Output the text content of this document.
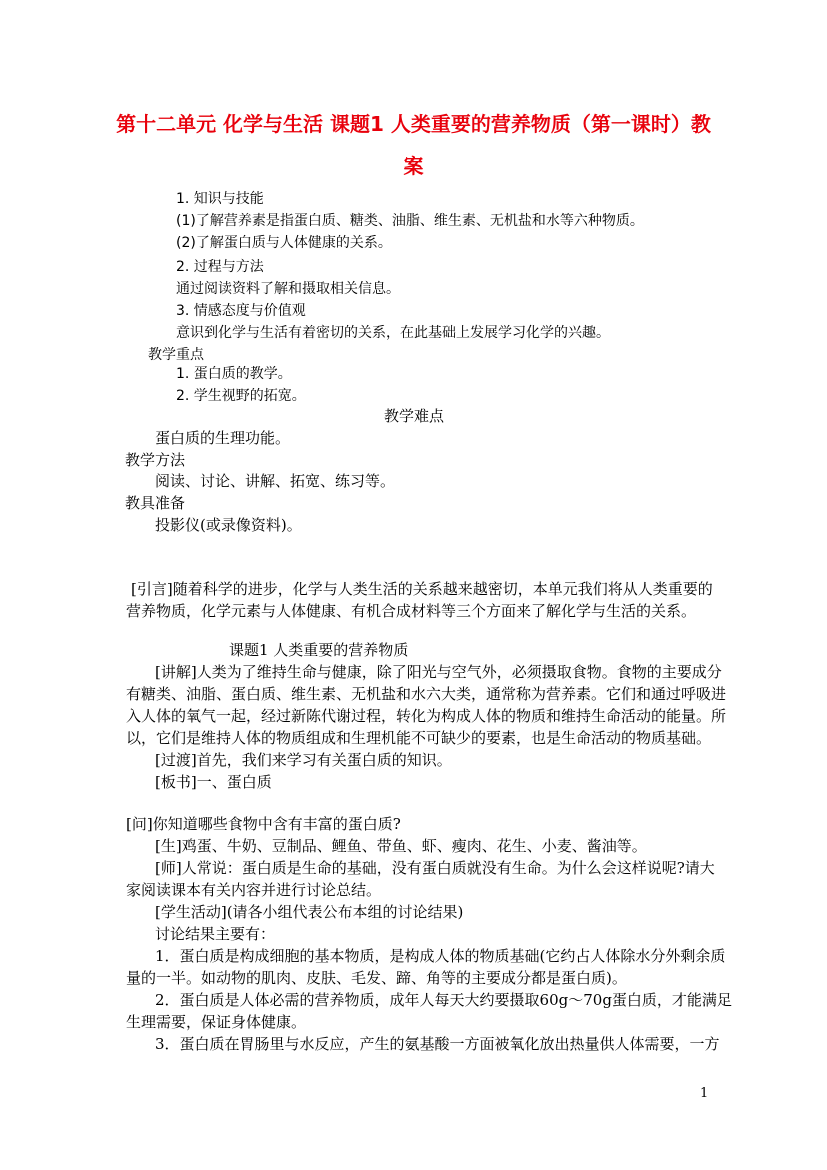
第十二单元 化学与生活 课题1 人类重要的营养物质（第一课时）教
案
1. 知识与技能
(1)了解营养素是指蛋白质、糖类、油脂、维生素、无机盐和水等六种物质。
(2)了解蛋白质与人体健康的关系。
2. 过程与方法
通过阅读资料了解和摄取相关信息。
3. 情感态度与价值观
意识到化学与生活有着密切的关系，在此基础上发展学习化学的兴趣。
教学重点
1. 蛋白质的教学。
2. 学生视野的拓宽。
教学难点
蛋白质的生理功能。
教学方法
阅读、讨论、讲解、拓宽、练习等。
教具准备
投影仪(或录像资料)。
[引言]随着科学的进步，化学与人类生活的关系越来越密切，本单元我们将从人类重要的
营养物质，化学元素与人体健康、有机合成材料等三个方面来了解化学与生活的关系。
课题1 人类重要的营养物质
[讲解]人类为了维持生命与健康，除了阳光与空气外，必须摄取食物。食物的主要成分
有糖类、油脂、蛋白质、维生素、无机盐和水六大类，通常称为营养素。它们和通过呼吸进
入人体的氧气一起，经过新陈代谢过程，转化为构成人体的物质和维持生命活动的能量。所
以，它们是维持人体的物质组成和生理机能不可缺少的要素，也是生命活动的物质基础。
[过渡]首先，我们来学习有关蛋白质的知识。
[板书]一、蛋白质
[问]你知道哪些食物中含有丰富的蛋白质?
[生]鸡蛋、牛奶、豆制品、鲤鱼、带鱼、虾、瘦肉、花生、小麦、酱油等。
[师]人常说：蛋白质是生命的基础，没有蛋白质就没有生命。为什么会这样说呢?请大
家阅读课本有关内容并进行讨论总结。
[学生活动](请各小组代表公布本组的讨论结果)
讨论结果主要有：
1．蛋白质是构成细胞的基本物质，是构成人体的物质基础(它约占人体除水分外剩余质
量的一半。如动物的肌肉、皮肤、毛发、蹄、角等的主要成分都是蛋白质)。
2．蛋白质是人体必需的营养物质，成年人每天大约要摄取60g～70g蛋白质，才能满足
生理需要，保证身体健康。
3．蛋白质在胃肠里与水反应，产生的氨基酸一方面被氧化放出热量供人体需要，一方
1
